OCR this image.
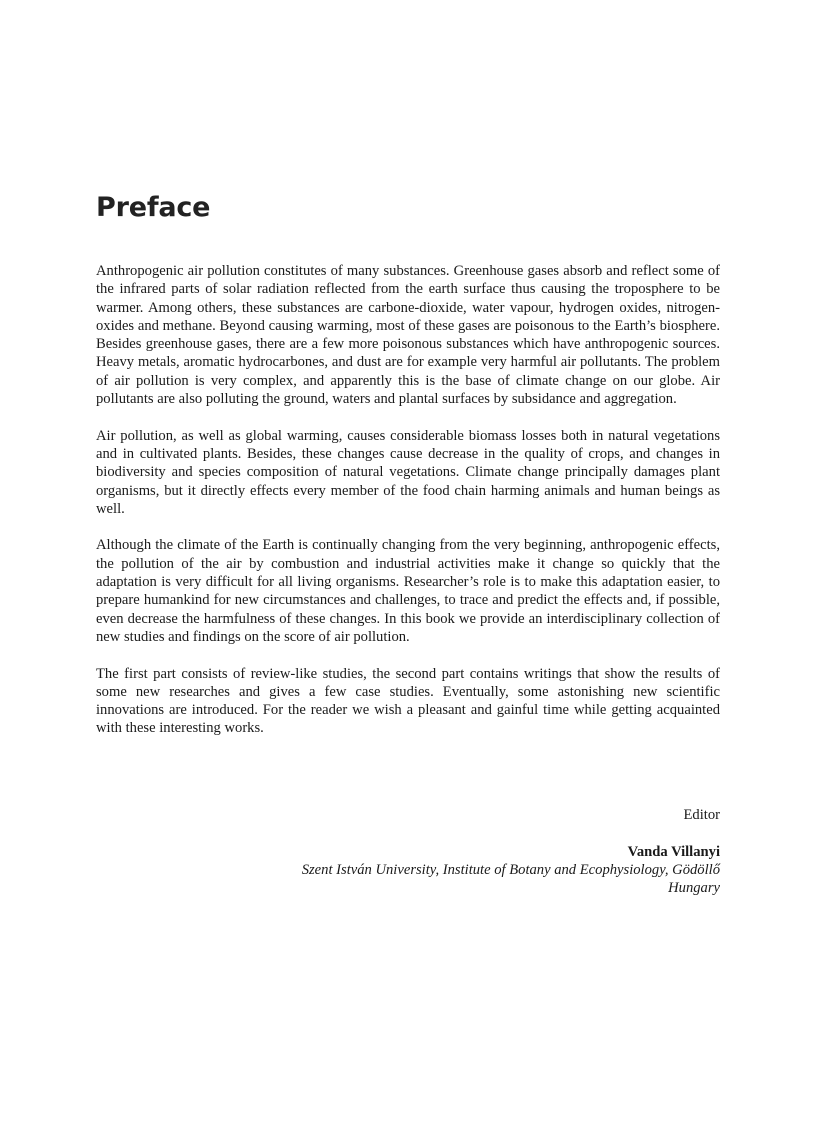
Preface

Anthropogenic air pollution constitutes of many substances. Greenhouse gases absorb and reflect some of the infrared parts of solar radiation reflected from the earth surface thus causing the troposphere to be warmer. Among others, these substances are carbone-dioxide, water vapour, hydrogen oxides, nitrogen-oxides and methane. Beyond causing warming, most of these gases are poisonous to the Earth’s biosphere. Besides greenhouse gases, there are a few more poisonous substances which have anthropogenic sources. Heavy metals, aromatic hydrocarbones, and dust are for example very harmful air pollutants. The problem of air pollution is very complex, and apparently this is the base of climate change on our globe. Air pollutants are also polluting the ground, waters and plantal surfaces by subsidance and aggregation.

Air pollution, as well as global warming, causes considerable biomass losses both in natural vegetations and in cultivated plants. Besides, these changes cause decrease in the quality of crops, and changes in biodiversity and species composition of natural vegetations. Climate change principally damages plant organisms, but it directly effects every member of the food chain harming animals and human beings as well.

Although the climate of the Earth is continually changing from the very beginning, anthropogenic effects, the pollution of the air by combustion and industrial activities make it change so quickly that the adaptation is very difficult for all living organisms. Researcher’s role is to make this adaptation easier, to prepare humankind for new circumstances and challenges, to trace and predict the effects and, if possible, even decrease the harmfulness of these changes. In this book we provide an interdisciplinary collection of new studies and findings on the score of air pollution.

The first part consists of review-like studies, the second part contains writings that show the results of some new researches and gives a few case studies. Eventually, some astonishing new scientific innovations are introduced. For the reader we wish a pleasant and gainful time while getting acquainted with these interesting works.

Editor

Vanda Villanyi

Szent István University, Institute of Botany and Ecophysiology, Gödöllő

Hungary
